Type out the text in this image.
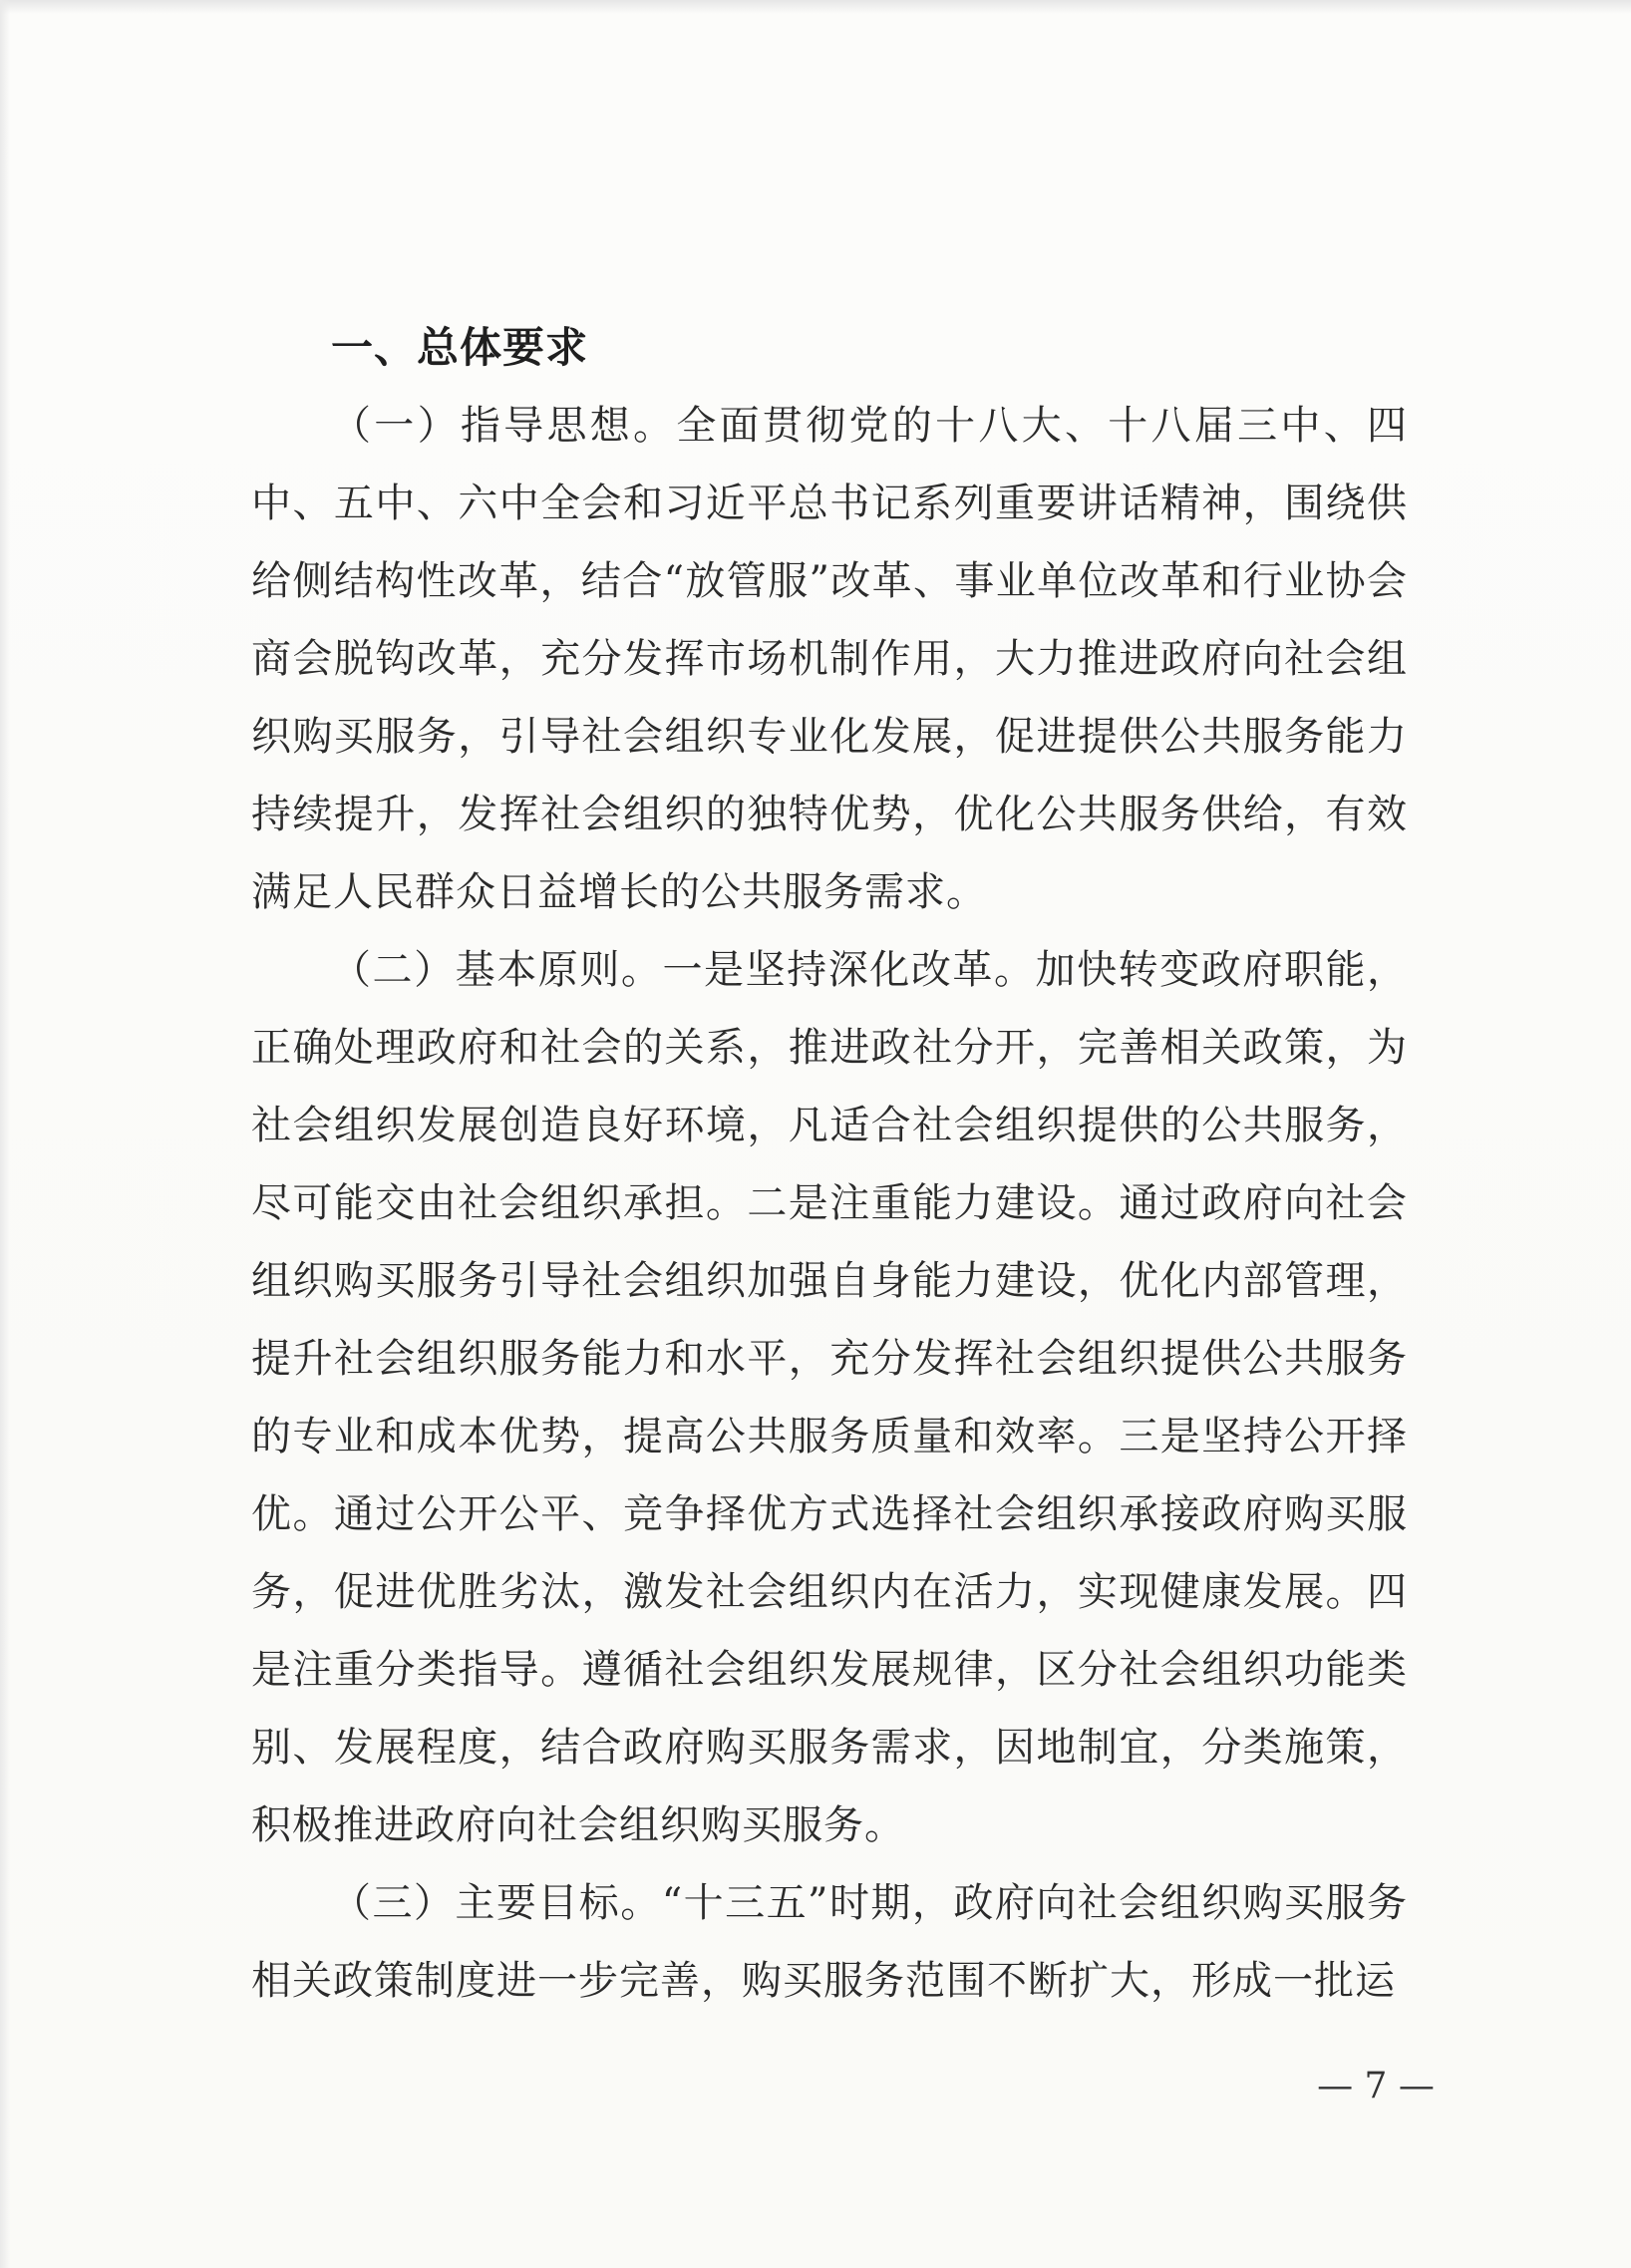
一、总体要求

（一）指导思想。全面贯彻党的十八大、十八届三中、四中、五中、六中全会和习近平总书记系列重要讲话精神，围绕供给侧结构性改革，结合“放管服”改革、事业单位改革和行业协会商会脱钩改革，充分发挥市场机制作用，大力推进政府向社会组织购买服务，引导社会组织专业化发展，促进提供公共服务能力持续提升，发挥社会组织的独特优势，优化公共服务供给，有效满足人民群众日益增长的公共服务需求。

（二）基本原则。一是坚持深化改革。加快转变政府职能，正确处理政府和社会的关系，推进政社分开，完善相关政策，为社会组织发展创造良好环境，凡适合社会组织提供的公共服务，尽可能交由社会组织承担。二是注重能力建设。通过政府向社会组织购买服务引导社会组织加强自身能力建设，优化内部管理，提升社会组织服务能力和水平，充分发挥社会组织提供公共服务的专业和成本优势，提高公共服务质量和效率。三是坚持公开择优。通过公开公平、竞争择优方式选择社会组织承接政府购买服务，促进优胜劣汰，激发社会组织内在活力，实现健康发展。四是注重分类指导。遵循社会组织发展规律，区分社会组织功能类别、发展程度，结合政府购买服务需求，因地制宜，分类施策，积极推进政府向社会组织购买服务。

（三）主要目标。“十三五”时期，政府向社会组织购买服务相关政策制度进一步完善，购买服务范围不断扩大，形成一批运

— 7 —
